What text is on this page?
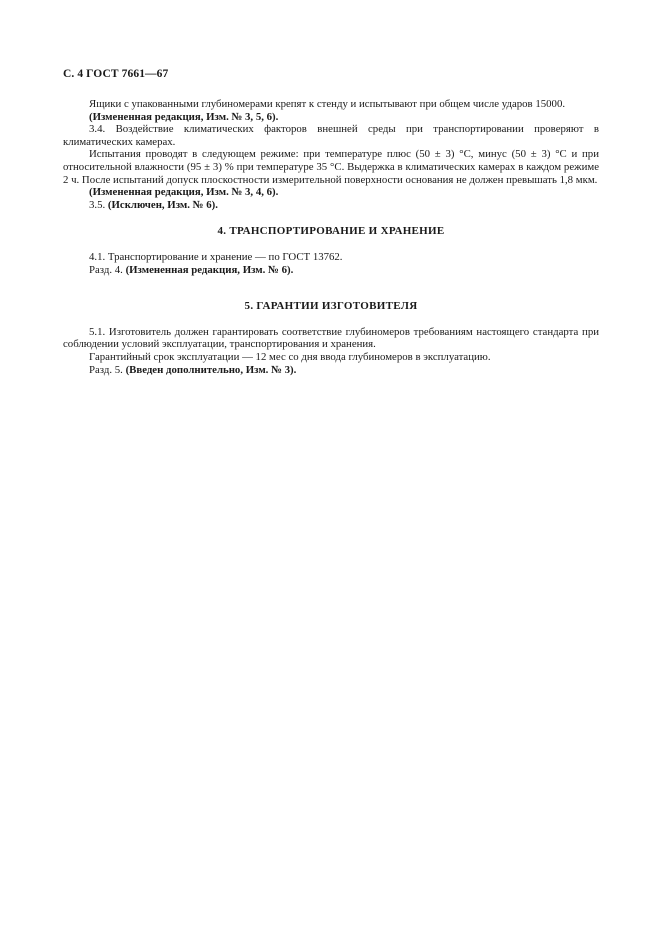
С. 4 ГОСТ 7661—67

Ящики с упакованными глубиномерами крепят к стенду и испытывают при общем числе ударов 15000.

(Измененная редакция, Изм. № 3, 5, 6).

3.4. Воздействие климатических факторов внешней среды при транспортировании проверяют в климатических камерах.

Испытания проводят в следующем режиме: при температуре плюс (50 ± 3) °С, минус (50 ± 3) °С и при относительной влажности (95 ± 3) % при температуре 35 °С. Выдержка в климатических камерах в каждом режиме 2 ч. После испытаний допуск плоскостности измерительной поверхности основания не должен превышать 1,8 мкм.

(Измененная редакция, Изм. № 3, 4, 6).

3.5. (Исключен, Изм. № 6).

4. ТРАНСПОРТИРОВАНИЕ И ХРАНЕНИЕ

4.1. Транспортирование и хранение — по ГОСТ 13762.

Разд. 4. (Измененная редакция, Изм. № 6).

5. ГАРАНТИИ ИЗГОТОВИТЕЛЯ

5.1. Изготовитель должен гарантировать соответствие глубиномеров требованиям настоящего стандарта при соблюдении условий эксплуатации, транспортирования и хранения.

Гарантийный срок эксплуатации — 12 мес со дня ввода глубиномеров в эксплуатацию.

Разд. 5. (Введен дополнительно, Изм. № 3).
